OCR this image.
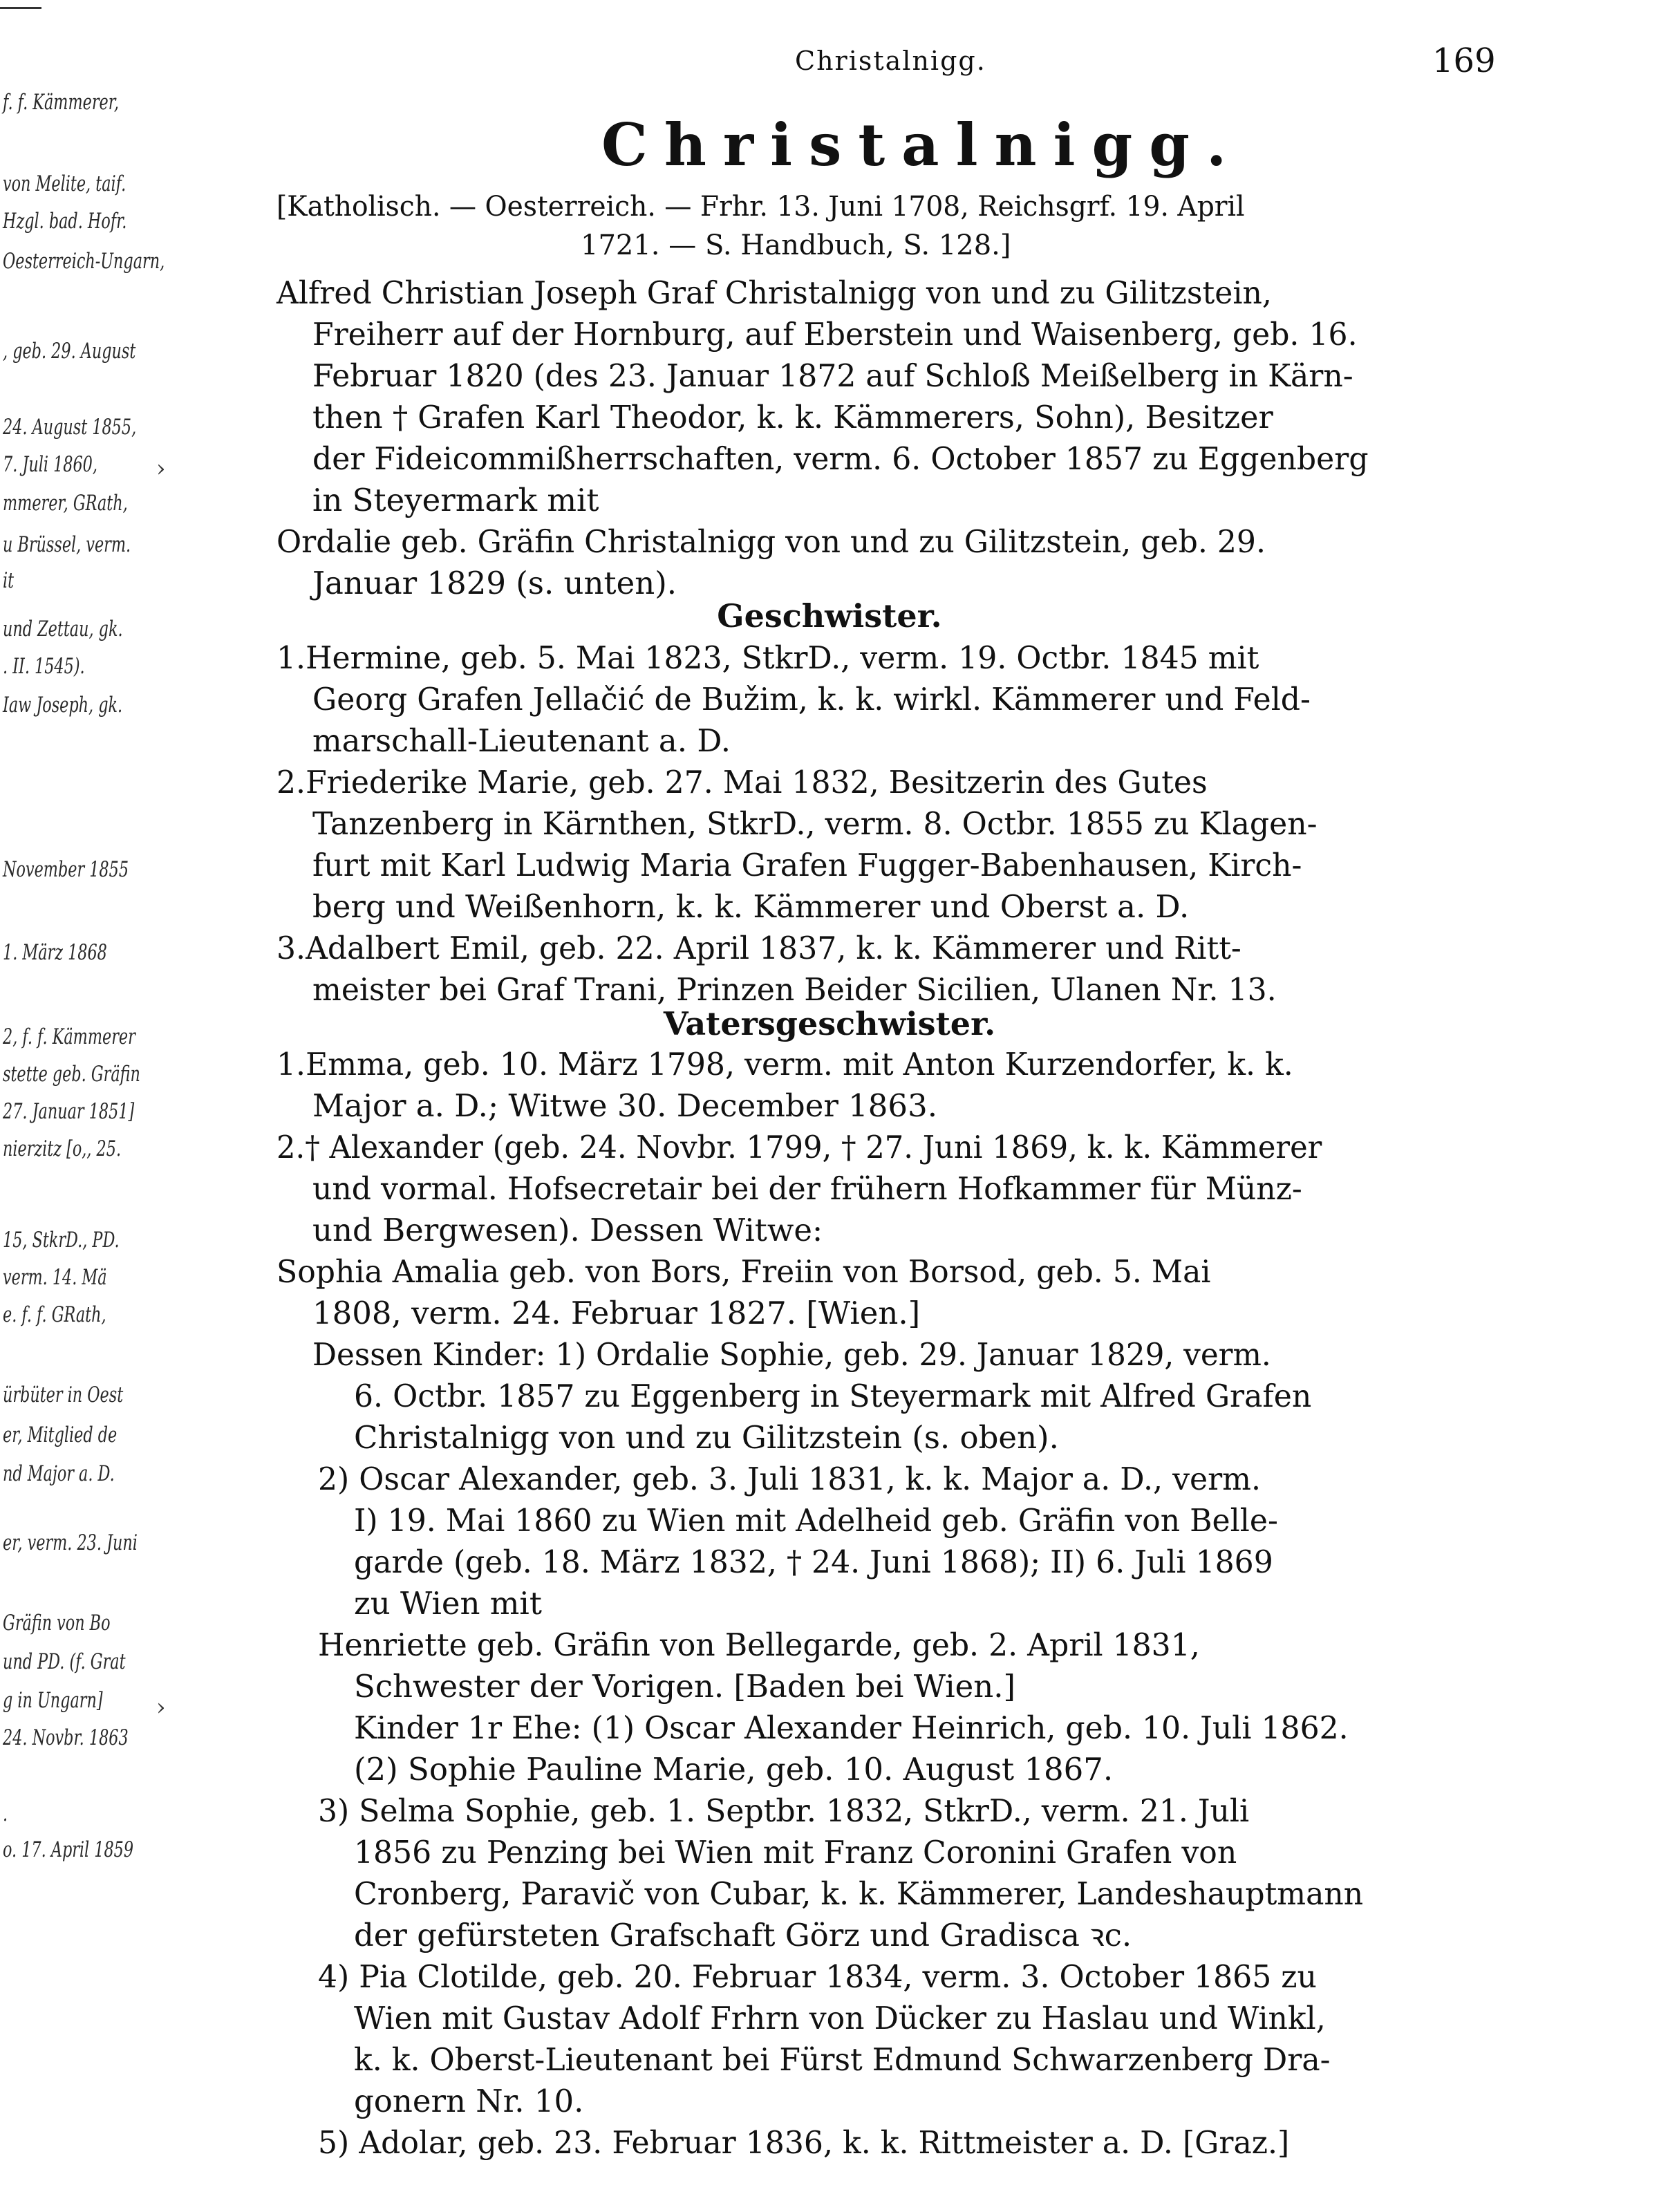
f. f. Kämmerer,
von Melite, taif.
Hzgl. bad. Hofr.
Oesterreich-Ungarn,
, geb. 29. August
24. August 1855,
7. Juli 1860,	›
mmerer, GRath,
u Brüssel, verm.
it
und Zettau, gk.
. II. 1545).
Iaw Joseph, gk.
November 1855
1. März 1868
2, f. f. Kämmerer
stette geb. Gräfin
27. Januar 1851]
nierzitz [o,, 25.
15, StkrD., PD.
verm. 14. Mä
e. f. f. GRath,
ürbüter in Oest
er, Mitglied de
nd Major a. D.
er, verm. 23. Juni
Gräfin von Bo
und PD. (f. Grat
g in Ungarn] ›
24. Novbr. 1863
.
o. 17. April 1859
Christalnigg.	169
Christalnigg.
[Katholisch. — Oesterreich. — Frhr. 13. Juni 1708, Reichsgrf. 19. April
1721. — S. Handbuch, S. 128.]
Alfred Christian Joseph Graf Christalnigg von und zu Gilitzstein,
Freiherr auf der Hornburg, auf Eberstein und Waisenberg, geb. 16.
Februar 1820 (des 23. Januar 1872 auf Schloß Meißelberg in Kärn-
then † Grafen Karl Theodor, k. k. Kämmerers, Sohn), Besitzer
der Fideicommißherrschaften, verm. 6. October 1857 zu Eggenberg
in Steyermark mit
Ordalie geb. Gräfin Christalnigg von und zu Gilitzstein, geb. 29.
Januar 1829 (s. unten).
Geschwister.
1.Hermine, geb. 5. Mai 1823, StkrD., verm. 19. Octbr. 1845 mit
Georg Grafen Jellačić de Bužim, k. k. wirkl. Kämmerer und Feld-
marschall-Lieutenant a. D.
2.Friederike Marie, geb. 27. Mai 1832, Besitzerin des Gutes
Tanzenberg in Kärnthen, StkrD., verm. 8. Octbr. 1855 zu Klagen-
furt mit Karl Ludwig Maria Grafen Fugger-Babenhausen, Kirch-
berg und Weißenhorn, k. k. Kämmerer und Oberst a. D.
3.Adalbert Emil, geb. 22. April 1837, k. k. Kämmerer und Ritt-
meister bei Graf Trani, Prinzen Beider Sicilien, Ulanen Nr. 13.
Vatersgeschwister.
1.Emma, geb. 10. März 1798, verm. mit Anton Kurzendorfer, k. k.
Major a. D.; Witwe 30. December 1863.
2.† Alexander (geb. 24. Novbr. 1799, † 27. Juni 1869, k. k. Kämmerer
und vormal. Hofsecretair bei der frühern Hofkammer für Münz-
und Bergwesen). Dessen Witwe:
Sophia Amalia geb. von Bors, Freiin von Borsod, geb. 5. Mai
1808, verm. 24. Februar 1827. [Wien.]
Dessen Kinder: 1) Ordalie Sophie, geb. 29. Januar 1829, verm.
6. Octbr. 1857 zu Eggenberg in Steyermark mit Alfred Grafen
Christalnigg von und zu Gilitzstein (s. oben).
2) Oscar Alexander, geb. 3. Juli 1831, k. k. Major a. D., verm.
I) 19. Mai 1860 zu Wien mit Adelheid geb. Gräfin von Belle-
garde (geb. 18. März 1832, † 24. Juni 1868); II) 6. Juli 1869
zu Wien mit
Henriette geb. Gräfin von Bellegarde, geb. 2. April 1831,
Schwester der Vorigen. [Baden bei Wien.]
Kinder 1r Ehe: (1) Oscar Alexander Heinrich, geb. 10. Juli 1862.
(2) Sophie Pauline Marie, geb. 10. August 1867.
3) Selma Sophie, geb. 1. Septbr. 1832, StkrD., verm. 21. Juli
1856 zu Penzing bei Wien mit Franz Coronini Grafen von
Cronberg, Paravič von Cubar, k. k. Kämmerer, Landeshauptmann
der gefürsteten Grafschaft Görz und Gradisca ꝛc.
4) Pia Clotilde, geb. 20. Februar 1834, verm. 3. October 1865 zu
Wien mit Gustav Adolf Frhrn von Dücker zu Haslau und Winkl,
k. k. Oberst-Lieutenant bei Fürst Edmund Schwarzenberg Dra-
gonern Nr. 10.
5) Adolar, geb. 23. Februar 1836, k. k. Rittmeister a. D. [Graz.]
